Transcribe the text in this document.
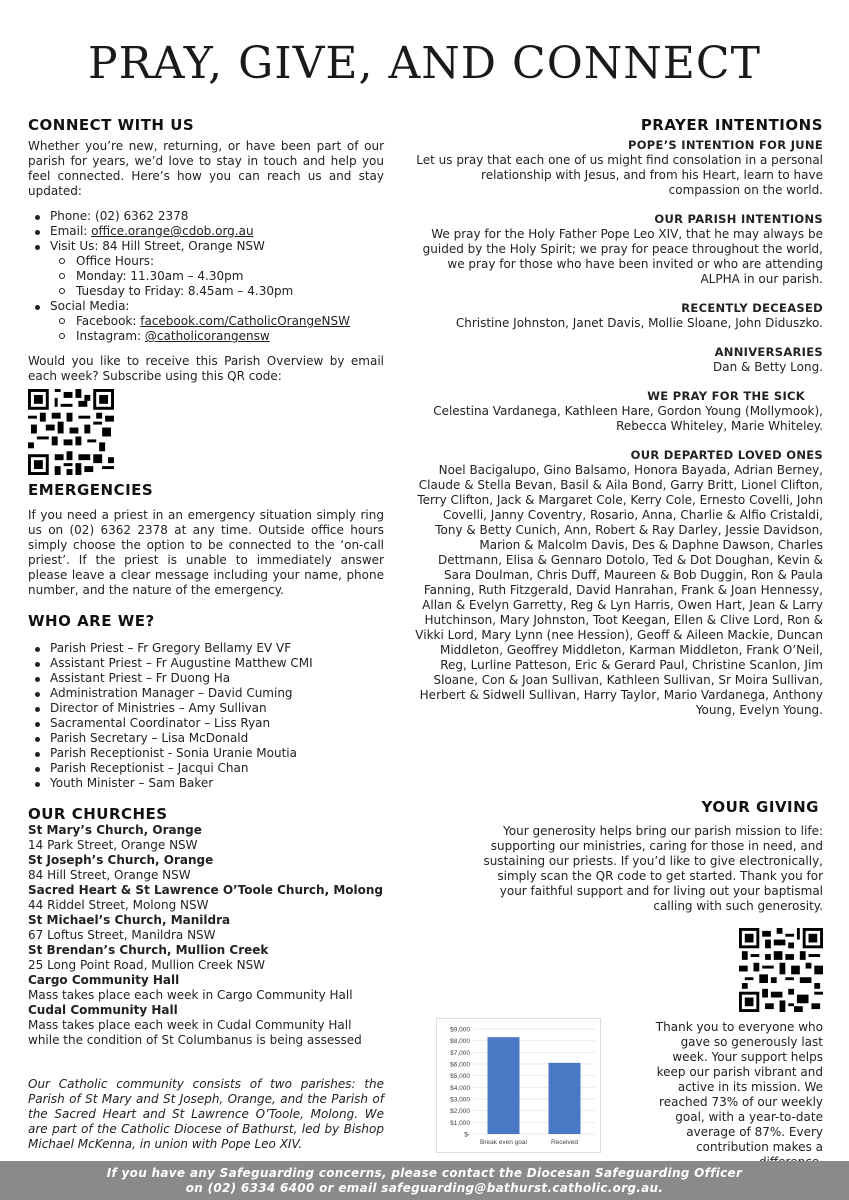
PRAY, GIVE, AND CONNECT
CONNECT WITH US

Whether you’re new, returning, or have been part of our parish for years, we’d love to stay in touch and help you feel connected. Here’s how you can reach us and stay updated:

Phone: (02) 6362 2378
Email: office.orange@cdob.org.au
Visit Us: 84 Hill Street, Orange NSW
Office Hours:
Monday: 11.30am – 4.30pm
Tuesday to Friday: 8.45am – 4.30pm
Social Media:
Facebook: facebook.com/CatholicOrangeNSW
Instagram: @catholicorangensw

Would you like to receive this Parish Overview by email each week? Subscribe using this QR code:

EMERGENCIES

If you need a priest in an emergency situation simply ring us on (02) 6362 2378 at any time. Outside office hours simply choose the option to be connected to the ‘on-call priest’. If the priest is unable to immediately answer please leave a clear message including your name, phone number, and the nature of the emergency.

WHO ARE WE?
Parish Priest – Fr Gregory Bellamy EV VF
Assistant Priest – Fr Augustine Matthew CMI
Assistant Priest – Fr Duong Ha
Administration Manager – David Cuming
Director of Ministries – Amy Sullivan
Sacramental Coordinator – Liss Ryan
Parish Secretary – Lisa McDonald
Parish Receptionist - Sonia Uranie Moutia
Parish Receptionist – Jacqui Chan
Youth Minister – Sam Baker
OUR CHURCHES
St Mary’s Church, Orange
14 Park Street, Orange NSW
St Joseph’s Church, Orange
84 Hill Street, Orange NSW
Sacred Heart & St Lawrence O’Toole Church, Molong
44 Riddel Street, Molong NSW
St Michael’s Church, Manildra
67 Loftus Street, Manildra NSW
St Brendan’s Church, Mullion Creek
25 Long Point Road, Mullion Creek NSW
Cargo Community Hall
Mass takes place each week in Cargo Community Hall
Cudal Community Hall
Mass takes place each week in Cudal Community Hall while the condition of St Columbanus is being assessed

Our Catholic community consists of two parishes: the Parish of St Mary and St Joseph, Orange, and the Parish of the Sacred Heart and St Lawrence O’Toole, Molong. We are part of the Catholic Diocese of Bathurst, led by Bishop Michael McKenna, in union with Pope Leo XIV.

PRAYER INTENTIONS
POPE’S INTENTION FOR JUNE

Let us pray that each one of us might find consolation in a personal relationship with Jesus, and from his Heart, learn to have compassion on the world.

OUR PARISH INTENTIONS

We pray for the Holy Father Pope Leo XIV, that he may always be guided by the Holy Spirit; we pray for peace throughout the world, we pray for those who have been invited or who are attending ALPHA in our parish.

RECENTLY DECEASED

Christine Johnston, Janet Davis, Mollie Sloane, John Diduszko.

ANNIVERSARIES

Dan & Betty Long.

WE PRAY FOR THE SICK

Celestina Vardanega, Kathleen Hare, Gordon Young (Mollymook), Rebecca Whiteley, Marie Whiteley.

OUR DEPARTED LOVED ONES

Noel Bacigalupo, Gino Balsamo, Honora Bayada, Adrian Berney, Claude & Stella Bevan, Basil & Aila Bond, Garry Britt, Lionel Clifton, Terry Clifton, Jack & Margaret Cole, Kerry Cole, Ernesto Covelli, John Covelli, Janny Coventry, Rosario, Anna, Charlie & Alfio Cristaldi, Tony & Betty Cunich, Ann, Robert & Ray Darley, Jessie Davidson, Marion & Malcolm Davis, Des & Daphne Dawson, Charles Dettmann, Elisa & Gennaro Dotolo, Ted & Dot Doughan, Kevin & Sara Doulman, Chris Duff, Maureen & Bob Duggin, Ron & Paula Fanning, Ruth Fitzgerald, David Hanrahan, Frank & Joan Hennessy, Allan & Evelyn Garretty, Reg & Lyn Harris, Owen Hart, Jean & Larry Hutchinson, Mary Johnston, Toot Keegan, Ellen & Clive Lord, Ron & Vikki Lord, Mary Lynn (nee Hession), Geoff & Aileen Mackie, Duncan Middleton, Geoffrey Middleton, Karman Middleton, Frank O’Neil, Reg, Lurline Patteson, Eric & Gerard Paul, Christine Scanlon, Jim Sloane, Con & Joan Sullivan, Kathleen Sullivan, Sr Moira Sullivan, Herbert & Sidwell Sullivan, Harry Taylor, Mario Vardanega, Anthony Young, Evelyn Young.

YOUR GIVING

Your generosity helps bring our parish mission to life: supporting our ministries, caring for those in need, and sustaining our priests. If you’d like to give electronically, simply scan the QR code to get started. Thank you for your faithful support and for living out your baptismal calling with such generosity.

$-
$1,000
$2,000
$3,000
$4,000
$5,000
$6,000
$7,000
$8,000
$9,000
Break even goal	Received

Thank you to everyone who gave so generously last week. Your support helps keep our parish vibrant and active in its mission. We reached 73% of our weekly goal, with a year-to-date average of 87%. Every contribution makes a

If you have any Safeguarding concerns, please contact the Diocesan Safeguarding Officer
on (02) 6334 6400 or email safeguarding@bathurst.catholic.org.au.
